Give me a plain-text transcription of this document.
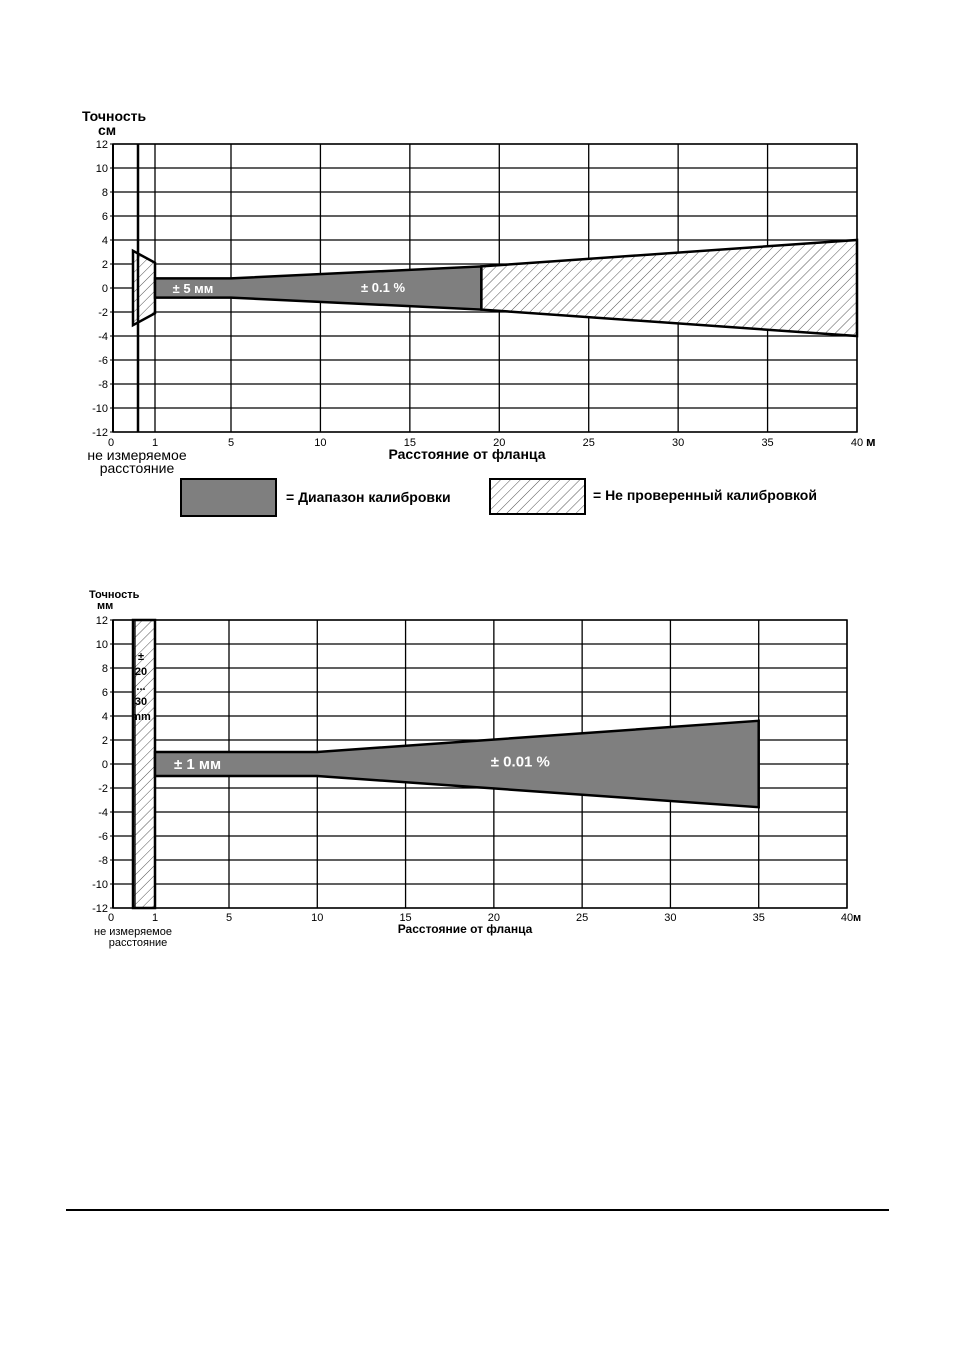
12
10
8
6
4
2
0
-2
-4
-6
-8
-10
-12
0	1	5	10	15	20	25	30	35	40
Точность
см
Расстояние от фланца
м
не измеряемое
расстояние
± 5 мм	± 0.1 %
= Диапазон калибровки	= Не проверенный калибровкой
12
10
8
6
4
2
0
-2
-4
-6
-8
-10
-12
0	1	5	10	15	20	25	30	35	40
Точность
мм
Расстояние от фланца
м
не измеряемое
расстояние
± 1 мм	± 0.01 %
±
20
...
30
mm
